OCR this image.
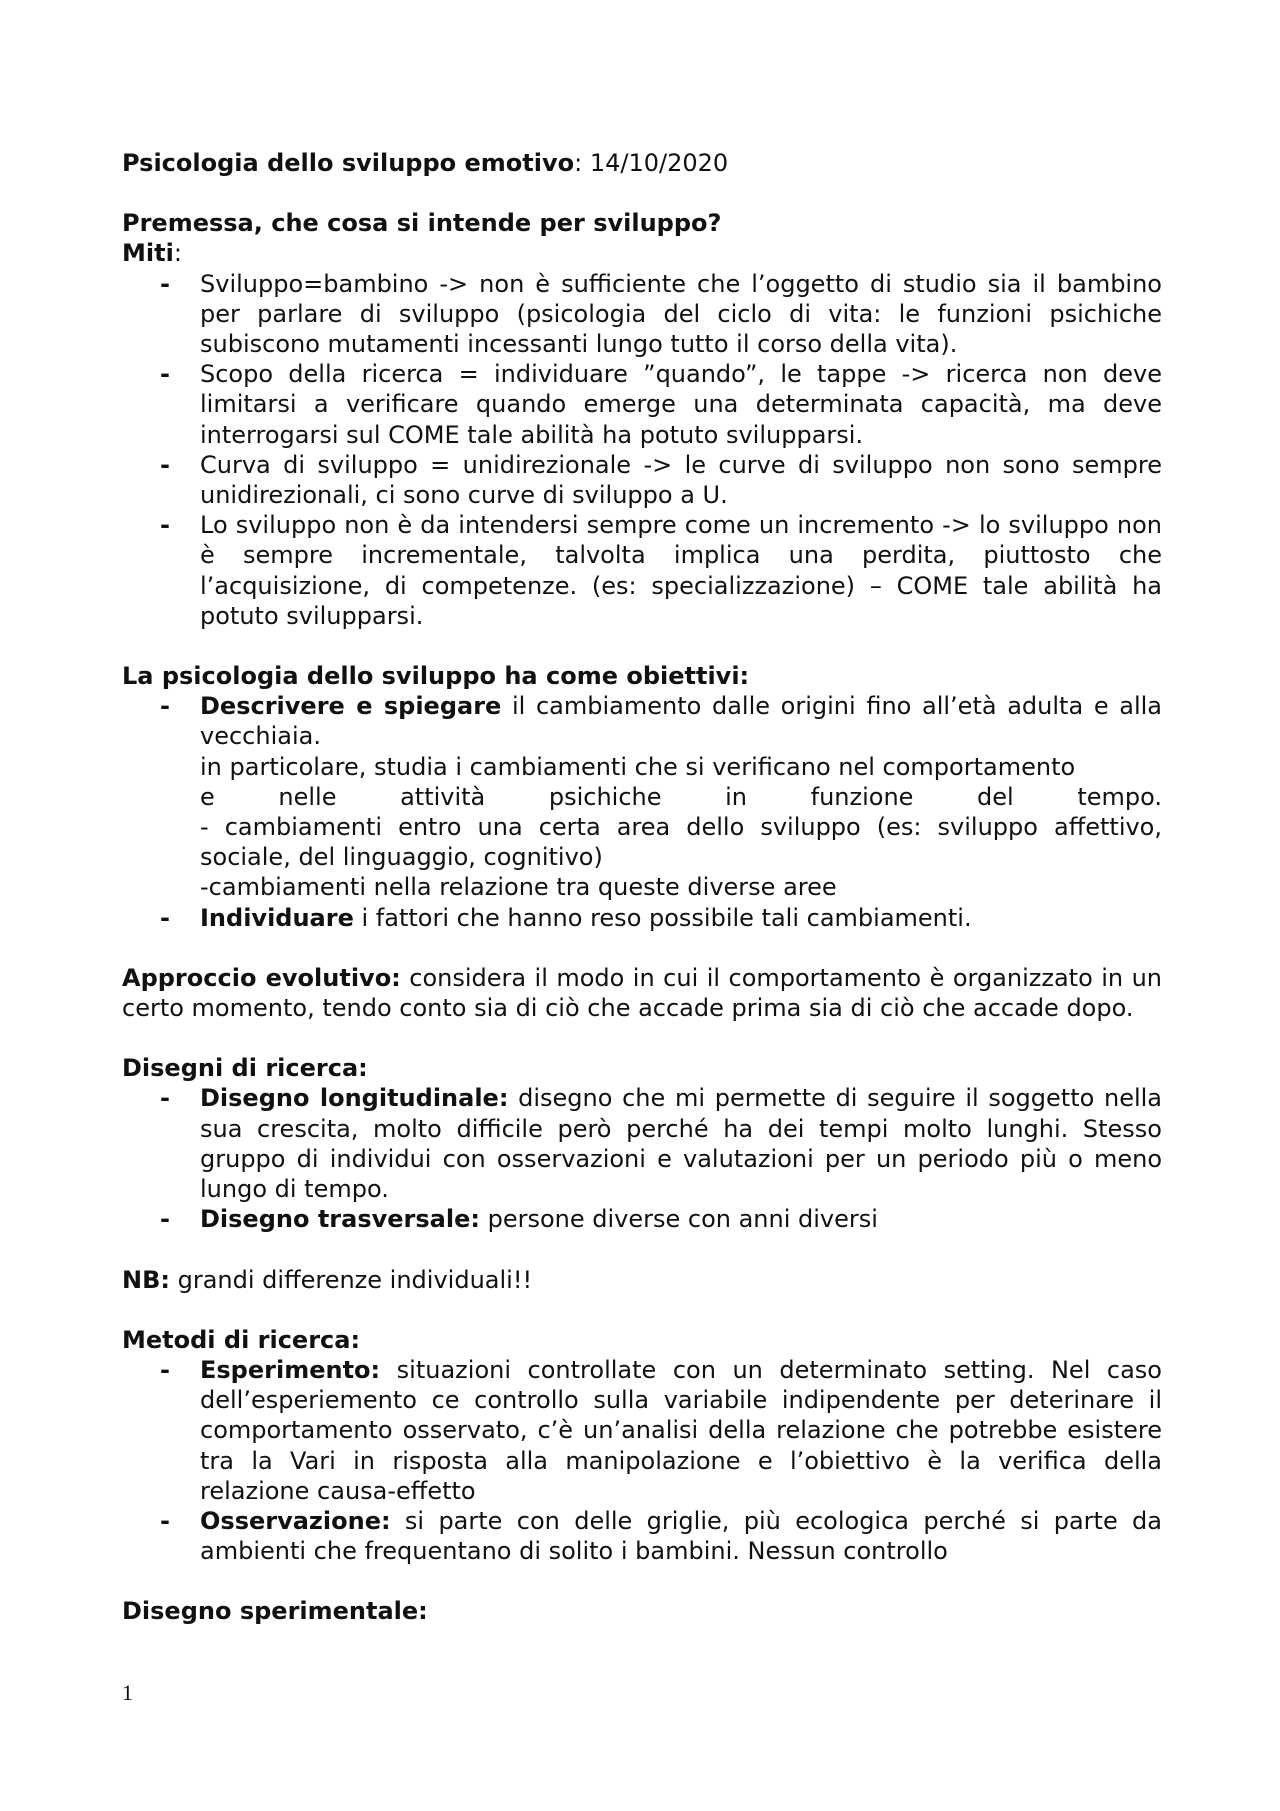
Psicologia dello sviluppo emotivo: 14/10/2020

Premessa, che cosa si intende per sviluppo?

Miti:

- Sviluppo=bambino -> non è sufficiente che l’oggetto di studio sia il bambino per parlare di sviluppo (psicologia del ciclo di vita: le funzioni psichiche subiscono mutamenti incessanti lungo tutto il corso della vita).
- Scopo della ricerca = individuare ”quando”, le tappe -> ricerca non deve limitarsi a verificare quando emerge una determinata capacità, ma deve interrogarsi sul COME tale abilità ha potuto svilupparsi.
- Curva di sviluppo = unidirezionale -> le curve di sviluppo non sono sempre unidirezionali, ci sono curve di sviluppo a U.
- Lo sviluppo non è da intendersi sempre come un incremento -> lo sviluppo non è sempre incrementale, talvolta implica una perdita, piuttosto che l’acquisizione, di competenze. (es: specializzazione) – COME tale abilità ha potuto svilupparsi.

La psicologia dello sviluppo ha come obiettivi:

- Descrivere e spiegare il cambiamento dalle origini fino all’età adulta e alla vecchiaia.
in particolare, studia i cambiamenti che si verificano nel comportamento
e nelle attività psichiche in funzione del tempo.
- cambiamenti entro una certa area dello sviluppo (es: sviluppo affettivo, sociale, del linguaggio, cognitivo)
-cambiamenti nella relazione tra queste diverse aree
- Individuare i fattori che hanno reso possibile tali cambiamenti.

Approccio evolutivo: considera il modo in cui il comportamento è organizzato in un certo momento, tendo conto sia di ciò che accade prima sia di ciò che accade dopo.

Disegni di ricerca:

- Disegno longitudinale: disegno che mi permette di seguire il soggetto nella sua crescita, molto difficile però perché ha dei tempi molto lunghi. Stesso gruppo di individui con osservazioni e valutazioni per un periodo più o meno lungo di tempo.
- Disegno trasversale: persone diverse con anni diversi

NB: grandi differenze individuali!!

Metodi di ricerca:

- Esperimento: situazioni controllate con un determinato setting. Nel caso dell’esperiemento ce controllo sulla variabile indipendente per deterinare il comportamento osservato, c’è un’analisi della relazione che potrebbe esistere tra la Vari in risposta alla manipolazione e l’obiettivo è la verifica della relazione causa-effetto
- Osservazione: si parte con delle griglie, più ecologica perché si parte da ambienti che frequentano di solito i bambini. Nessun controllo

Disegno sperimentale:

1
